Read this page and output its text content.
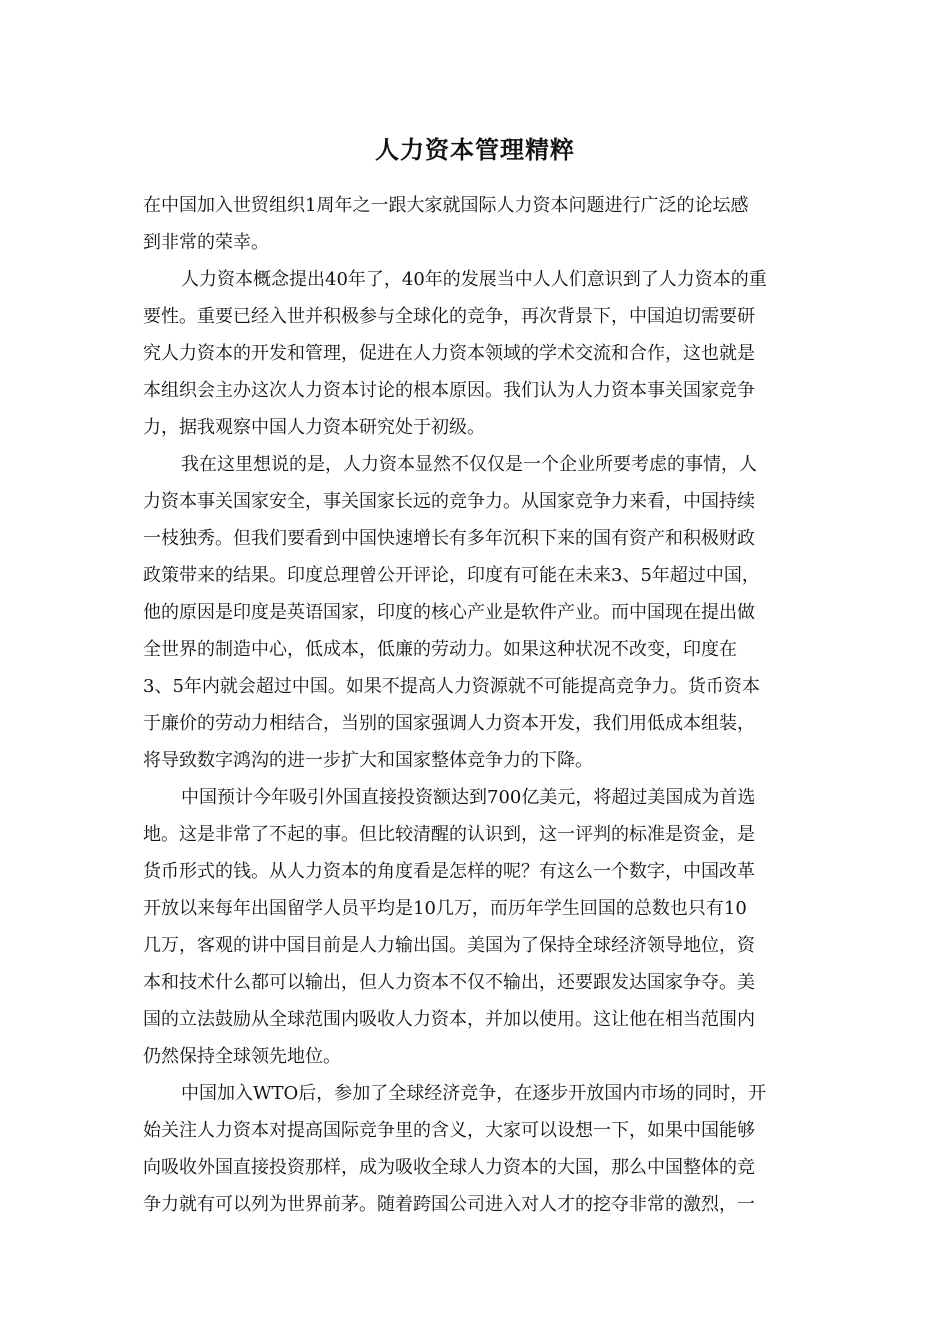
人力资本管理精粹
在中国加入世贸组织1周年之一跟大家就国际人力资本问题进行广泛的论坛感
到非常的荣幸。
人力资本概念提出40年了，40年的发展当中人人们意识到了人力资本的重
要性。重要已经入世并积极参与全球化的竞争，再次背景下，中国迫切需要研
究人力资本的开发和管理，促进在人力资本领域的学术交流和合作，这也就是
本组织会主办这次人力资本讨论的根本原因。我们认为人力资本事关国家竞争
力，据我观察中国人力资本研究处于初级。
我在这里想说的是，人力资本显然不仅仅是一个企业所要考虑的事情，人
力资本事关国家安全，事关国家长远的竞争力。从国家竞争力来看，中国持续
一枝独秀。但我们要看到中国快速增长有多年沉积下来的国有资产和积极财政
政策带来的结果。印度总理曾公开评论，印度有可能在未来3、5年超过中国，
他的原因是印度是英语国家，印度的核心产业是软件产业。而中国现在提出做
全世界的制造中心，低成本，低廉的劳动力。如果这种状况不改变，印度在
3、5年内就会超过中国。如果不提高人力资源就不可能提高竞争力。货币资本
于廉价的劳动力相结合，当别的国家强调人力资本开发，我们用低成本组装，
将导致数字鸿沟的进一步扩大和国家整体竞争力的下降。
中国预计今年吸引外国直接投资额达到700亿美元，将超过美国成为首选
地。这是非常了不起的事。但比较清醒的认识到，这一评判的标准是资金，是
货币形式的钱。从人力资本的角度看是怎样的呢？有这么一个数字，中国改革
开放以来每年出国留学人员平均是10几万，而历年学生回国的总数也只有10
几万，客观的讲中国目前是人力输出国。美国为了保持全球经济领导地位，资
本和技术什么都可以输出，但人力资本不仅不输出，还要跟发达国家争夺。美
国的立法鼓励从全球范围内吸收人力资本，并加以使用。这让他在相当范围内
仍然保持全球领先地位。
中国加入WTO后，参加了全球经济竞争，在逐步开放国内市场的同时，开
始关注人力资本对提高国际竞争里的含义，大家可以设想一下，如果中国能够
向吸收外国直接投资那样，成为吸收全球人力资本的大国，那么中国整体的竞
争力就有可以列为世界前茅。随着跨国公司进入对人才的挖夺非常的激烈，一
